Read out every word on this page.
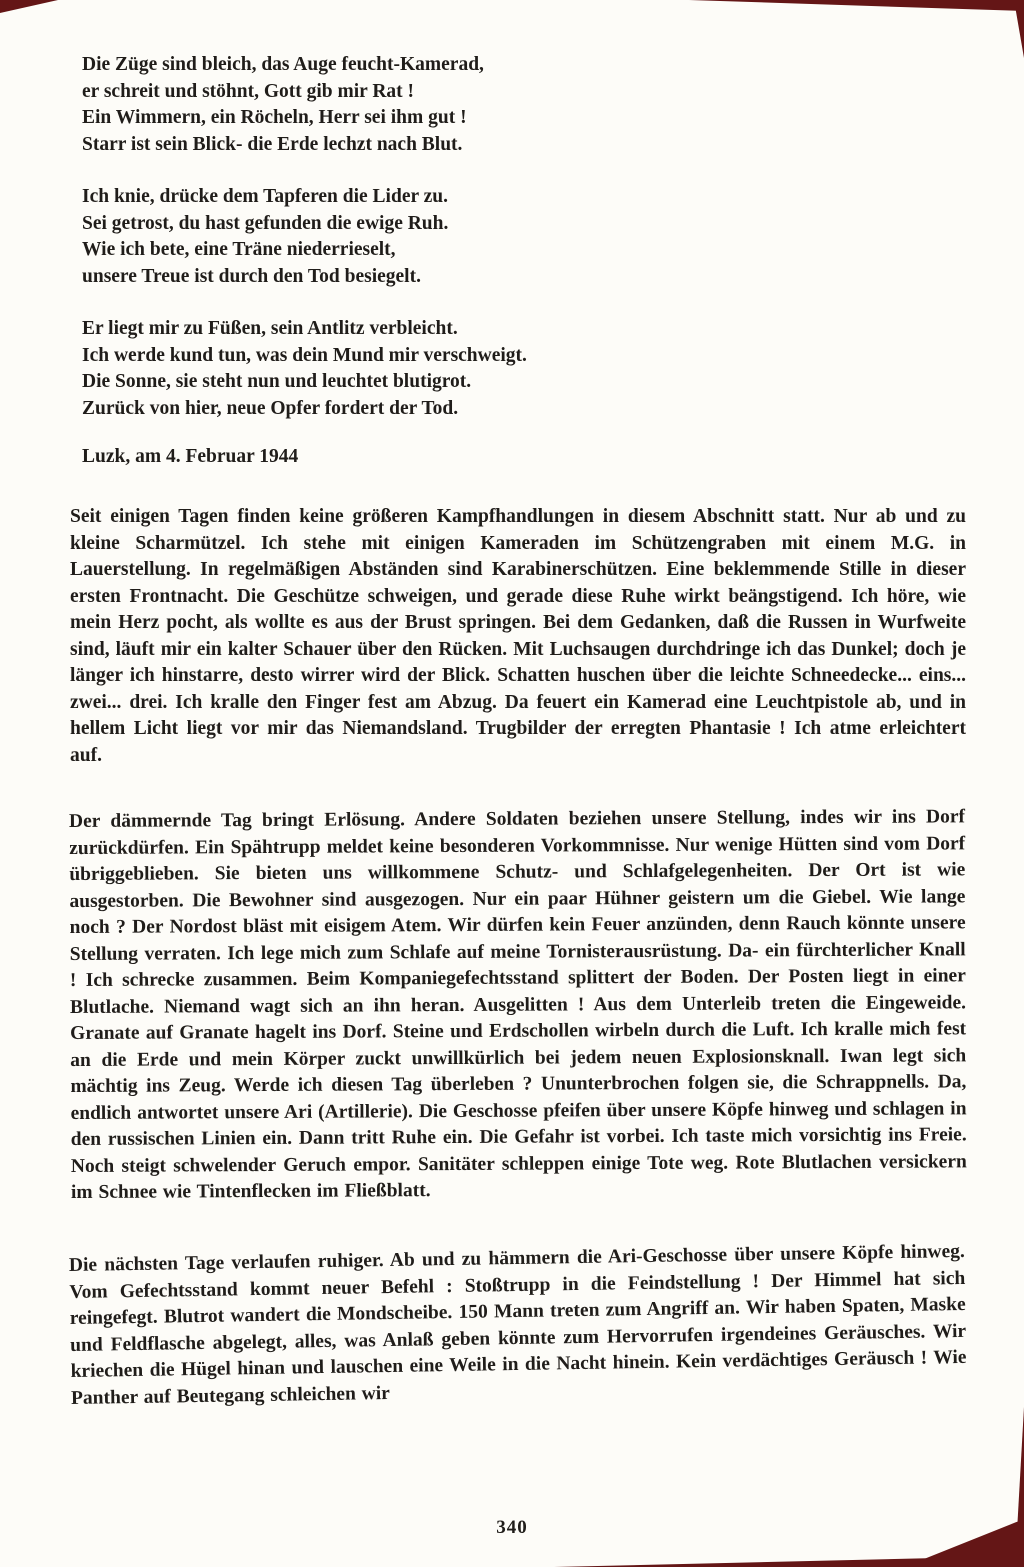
Die Züge sind bleich, das Auge feucht-Kamerad,
er schreit und stöhnt, Gott gib mir Rat !
Ein Wimmern, ein Röcheln, Herr sei ihm gut !
Starr ist sein Blick- die Erde lechzt nach Blut.
Ich knie, drücke dem Tapferen die Lider zu.
Sei getrost, du hast gefunden die ewige Ruh.
Wie ich bete, eine Träne niederrieselt,
unsere Treue ist durch den Tod besiegelt.
Er liegt mir zu Füßen, sein Antlitz verbleicht.
Ich werde kund tun, was dein Mund mir verschweigt.
Die Sonne, sie steht nun und leuchtet blutigrot.
Zurück von hier, neue Opfer fordert der Tod.
Luzk, am 4. Februar 1944

Seit einigen Tagen finden keine größeren Kampfhandlungen in diesem Abschnitt statt. Nur ab und zu kleine Scharmützel. Ich stehe mit einigen Kameraden im Schützengraben mit einem M.G. in Lauerstellung. In regelmäßigen Abständen sind Karabinerschützen. Eine beklemmende Stille in dieser ersten Frontnacht. Die Geschütze schweigen, und gerade diese Ruhe wirkt beängstigend. Ich höre, wie mein Herz pocht, als wollte es aus der Brust springen. Bei dem Gedanken, daß die Russen in Wurfweite sind, läuft mir ein kalter Schauer über den Rücken. Mit Luchsaugen durchdringe ich das Dunkel; doch je länger ich hinstarre, desto wirrer wird der Blick. Schatten huschen über die leichte Schneedecke... eins... zwei... drei. Ich kralle den Finger fest am Abzug. Da feuert ein Kamerad eine Leuchtpistole ab, und in hellem Licht liegt vor mir das Niemandsland. Trugbilder der erregten Phantasie ! Ich atme erleichtert auf.

Der dämmernde Tag bringt Erlösung. Andere Soldaten beziehen unsere Stellung, indes wir ins Dorf zurückdürfen. Ein Spähtrupp meldet keine besonderen Vorkommnisse. Nur wenige Hütten sind vom Dorf übriggeblieben. Sie bieten uns willkommene Schutz- und Schlafgelegenheiten. Der Ort ist wie ausgestorben. Die Bewohner sind ausgezogen. Nur ein paar Hühner geistern um die Giebel. Wie lange noch ? Der Nordost bläst mit eisigem Atem. Wir dürfen kein Feuer anzünden, denn Rauch könnte unsere Stellung verraten. Ich lege mich zum Schlafe auf meine Tornisterausrüstung. Da- ein fürchterlicher Knall ! Ich schrecke zusammen. Beim Kompaniegefechtsstand splittert der Boden. Der Posten liegt in einer Blutlache. Niemand wagt sich an ihn heran. Ausgelitten ! Aus dem Unterleib treten die Eingeweide. Granate auf Granate hagelt ins Dorf. Steine und Erdschollen wirbeln durch die Luft. Ich kralle mich fest an die Erde und mein Körper zuckt unwillkürlich bei jedem neuen Explosionsknall. Iwan legt sich mächtig ins Zeug. Werde ich diesen Tag überleben ? Ununterbrochen folgen sie, die Schrappnells. Da, endlich antwortet unsere Ari (Artillerie). Die Geschosse pfeifen über unsere Köpfe hinweg und schlagen in den russischen Linien ein. Dann tritt Ruhe ein. Die Gefahr ist vorbei. Ich taste mich vorsichtig ins Freie. Noch steigt schwelender Geruch empor. Sanitäter schleppen einige Tote weg. Rote Blutlachen versickern im Schnee wie Tintenflecken im Fließblatt.

Die nächsten Tage verlaufen ruhiger. Ab und zu hämmern die Ari-Geschosse über unsere Köpfe hinweg. Vom Gefechtsstand kommt neuer Befehl : Stoßtrupp in die Feindstellung ! Der Himmel hat sich reingefegt. Blutrot wandert die Mondscheibe. 150 Mann treten zum Angriff an. Wir haben Spaten, Maske und Feldflasche abgelegt, alles, was Anlaß geben könnte zum Hervorrufen irgendeines Geräusches. Wir kriechen die Hügel hinan und lauschen eine Weile in die Nacht hinein. Kein verdächtiges Geräusch ! Wie Panther auf Beutegang schleichen wir

340
